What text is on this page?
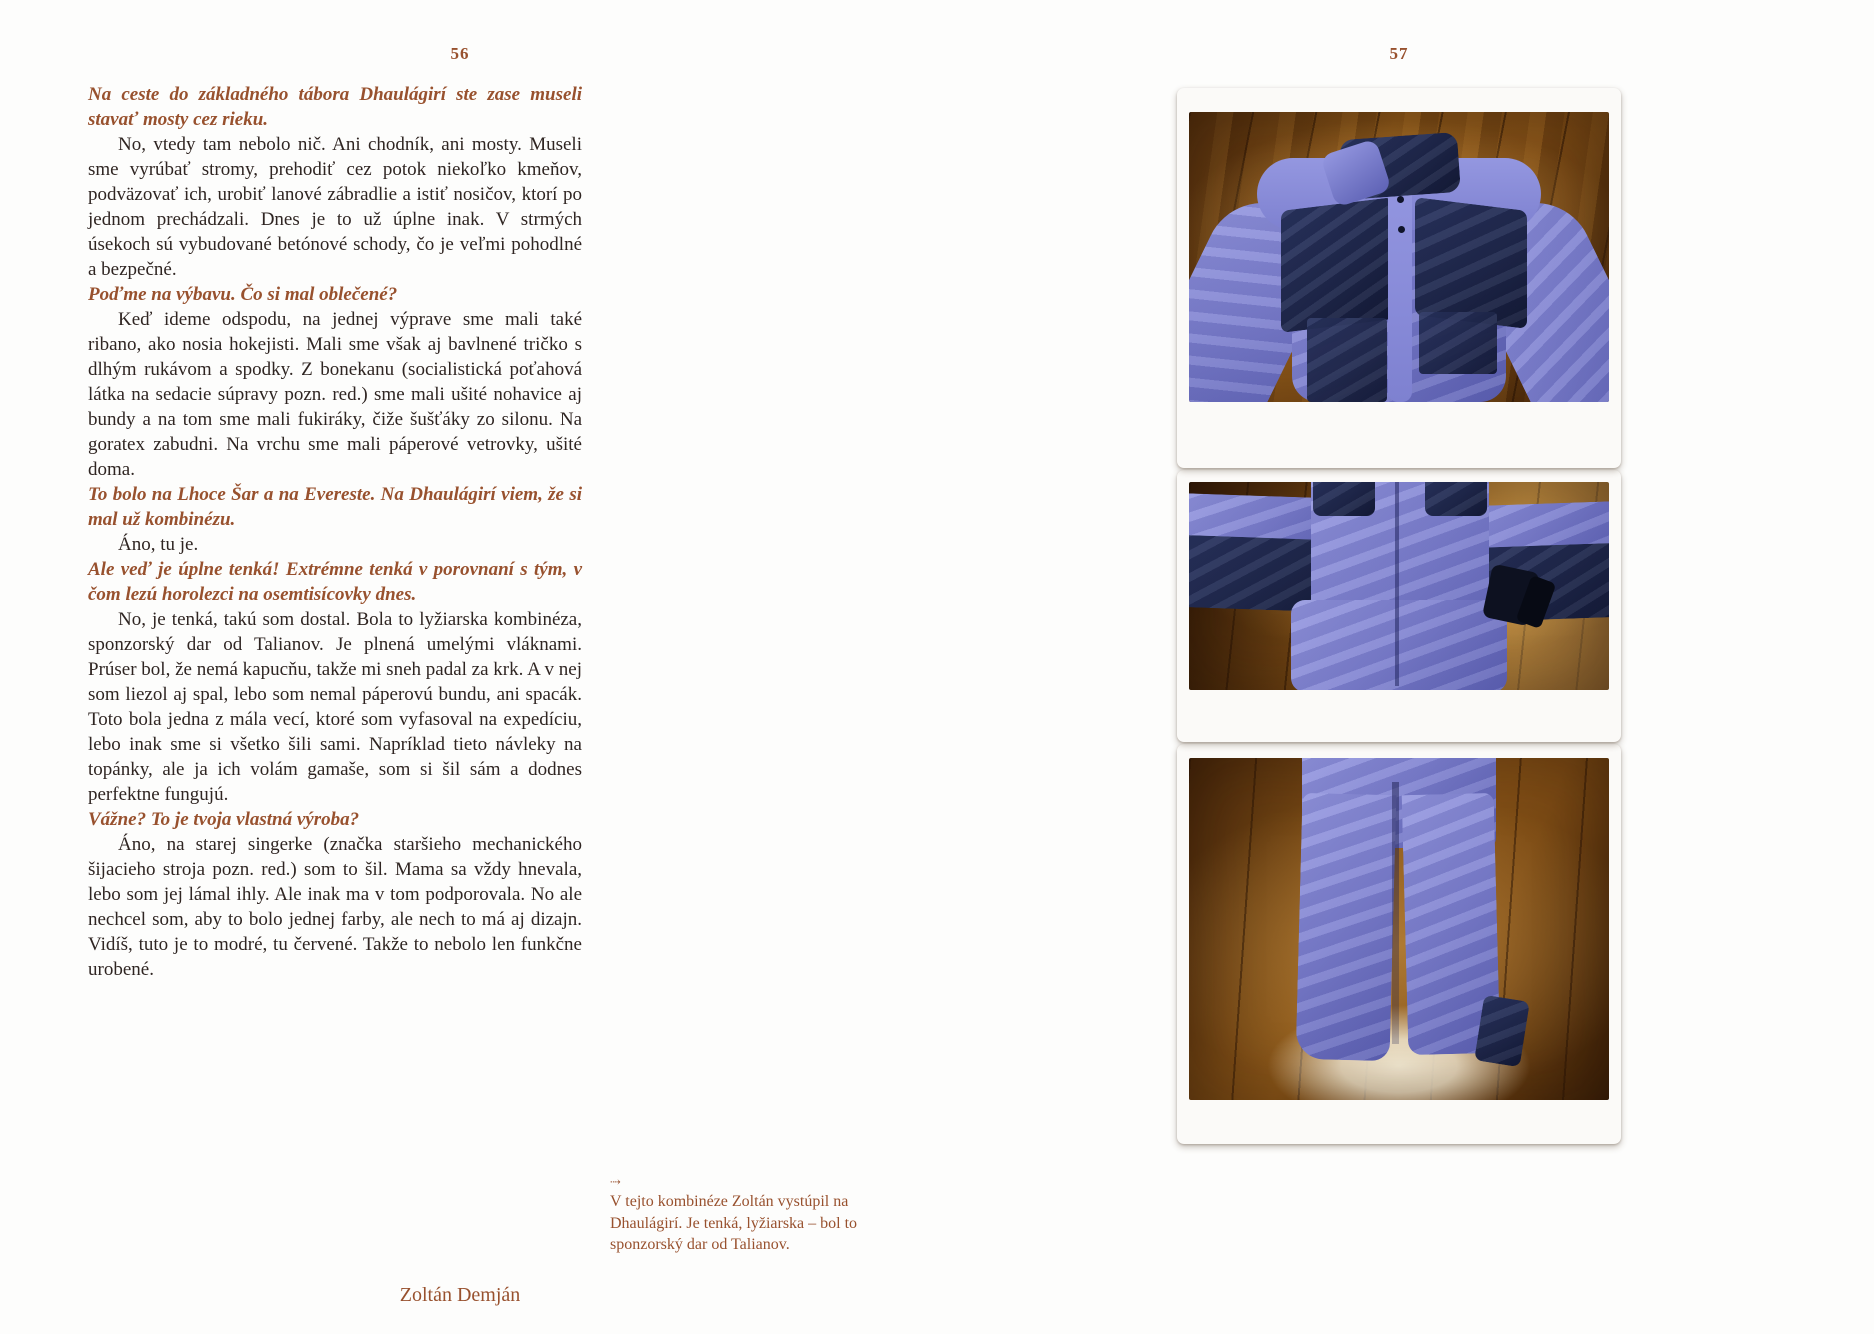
56

Na ceste do základného tábora Dhaulágirí ste zase museli stavať mosty cez rieku.

No, vtedy tam nebolo nič. Ani chodník, ani mosty. Museli sme vyrúbať stromy, prehodiť cez potok niekoľko kmeňov, podväzovať ich, urobiť lanové zábradlie a istiť nosičov, ktorí po jednom prechádzali. Dnes je to už úplne inak. V strmých úsekoch sú vybudované betónové schody, čo je veľmi pohodlné a bezpečné.

Poďme na výbavu. Čo si mal oblečené?

Keď ideme odspodu, na jednej výprave sme mali také ribano, ako nosia hokejisti. Mali sme však aj bavlnené tričko s dlhým rukávom a spodky. Z bonekanu (socialistická poťahová látka na sedacie súpravy pozn. red.) sme mali ušité nohavice aj bundy a na tom sme mali fukiráky, čiže šušťáky zo silonu. Na goratex zabudni. Na vrchu sme mali páperové vetrovky, ušité doma.

To bolo na Lhoce Šar a na Evereste. Na Dhaulágirí viem, že si mal už kombinézu.

Áno, tu je.

Ale veď je úplne tenká! Extrémne tenká v porovnaní s tým, v čom lezú horolezci na osemtisícovky dnes.

No, je tenká, takú som dostal. Bola to lyžiarska kombinéza, sponzorský dar od Talianov. Je plnená umelými vláknami. Prúser bol, že nemá kapucňu, takže mi sneh padal za krk. A v nej som liezol aj spal, lebo som nemal páperovú bundu, ani spacák. Toto bola jedna z mála vecí, ktoré som vyfasoval na expedíciu, lebo inak sme si všetko šili sami. Napríklad tieto návleky na topánky, ale ja ich volám gamaše, som si šil sám a dodnes perfektne fungujú.

Vážne? To je tvoja vlastná výroba?

Áno, na starej singerke (značka staršieho mechanického šijacieho stroja pozn. red.) som to šil. Mama sa vždy hnevala, lebo som jej lámal ihly. Ale inak ma v tom podporovala. No ale nechcel som, aby to bolo jednej farby, ale nech to má aj dizajn. Vidíš, tuto je to modré, tu červené. Takže to nebolo len funkčne urobené.

⇢
V tejto kombinéze Zoltán vystúpil na Dhaulágirí. Je tenká, lyžiarska – bol to sponzorský dar od Talianov.
Zoltán Demján
57
